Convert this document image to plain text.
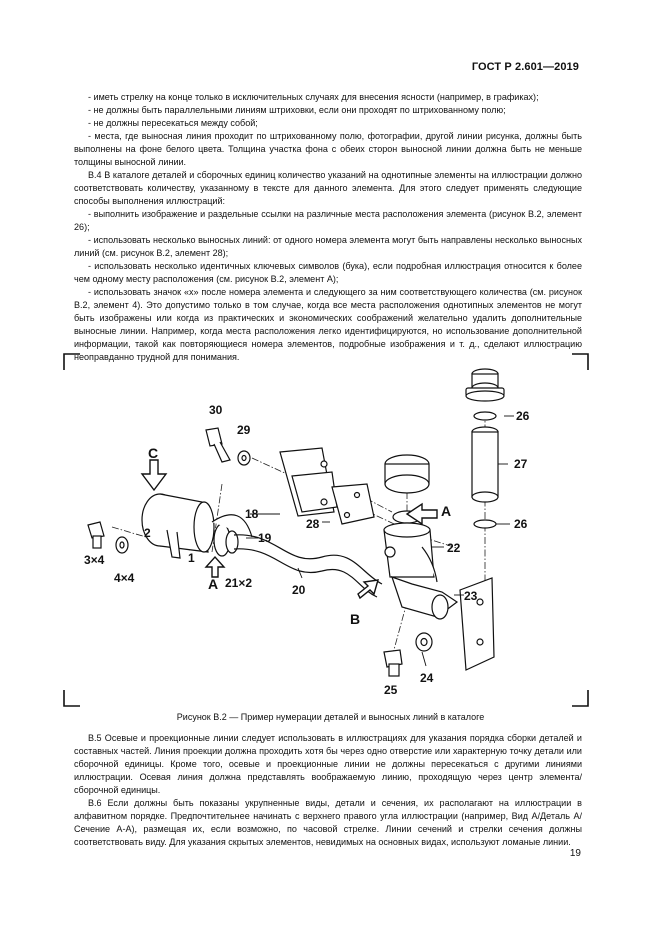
ГОСТ Р 2.601—2019

- иметь стрелку на конце только в исключительных случаях для внесения ясности (например, в графиках);

- не должны быть параллельными линиям штриховки, если они проходят по штрихованному полю;

- не должны пересекаться между собой;

- места, где выносная линия проходит по штрихованному полю, фотографии, другой линии рисунка, должны быть выполнены на фоне белого цвета. Толщина участка фона с обеих сторон выносной линии должна быть не меньше толщины выносной линии.

В.4 В каталоге деталей и сборочных единиц количество указаний на однотипные элементы на иллюстрации должно соответствовать количеству, указанному в тексте для данного элемента. Для этого следует применять следующие способы выполнения иллюстраций:

- выполнить изображение и раздельные ссылки на различные места расположения элемента (рисунок В.2, элемент 26);

- использовать несколько выносных линий: от одного номера элемента могут быть направлены несколько выносных линий (см. рисунок В.2, элемент 28);

- использовать несколько идентичных ключевых символов (бука), если подробная иллюстрация относится к более чем одному месту расположения (см. рисунок В.2, элемент А);

- использовать значок «х» после номера элемента и следующего за ним соответствующего количества (см. рисунок В.2, элемент 4). Это допустимо только в том случае, когда все места расположения однотипных элементов не могут быть изображены или когда из практических и экономических соображений желательно удалить дополнительные выносные линии. Например, когда места расположения легко идентифицируются, но использование дополнительной информации, такой как повторяющиеся номера элементов, подробные изображения и т. д., сделают иллюстрацию неоправданно трудной для понимания.

30
29
26
27
26
С
18
19
28
А
22
3×4
4×4
2
1
А 21×2	20	23
В
25
24
Рисунок В.2 — Пример нумерации деталей и выносных линий в каталоге

В.5 Осевые и проекционные линии следует использовать в иллюстрациях для указания порядка сборки деталей и составных частей. Линия проекции должна проходить хотя бы через одно отверстие или характерную точку детали или сборочной единицы. Кроме того, осевые и проекционные линии не должны пересекаться с другими линиями иллюстрации. Осевая линия должна представлять воображаемую линию, проходящую через центр элемента/сборочной единицы.

В.6 Если должны быть показаны укрупненные виды, детали и сечения, их располагают на иллюстрации в алфавитном порядке. Предпочтительнее начинать с верхнего правого угла иллюстрации (например, Вид А/Деталь А/Сечение А-А), размещая их, если возможно, по часовой стрелке. Линии сечений и стрелки сечения должны соответствовать виду. Для указания скрытых элементов, невидимых на основных видах, используют ломаные линии.

19
